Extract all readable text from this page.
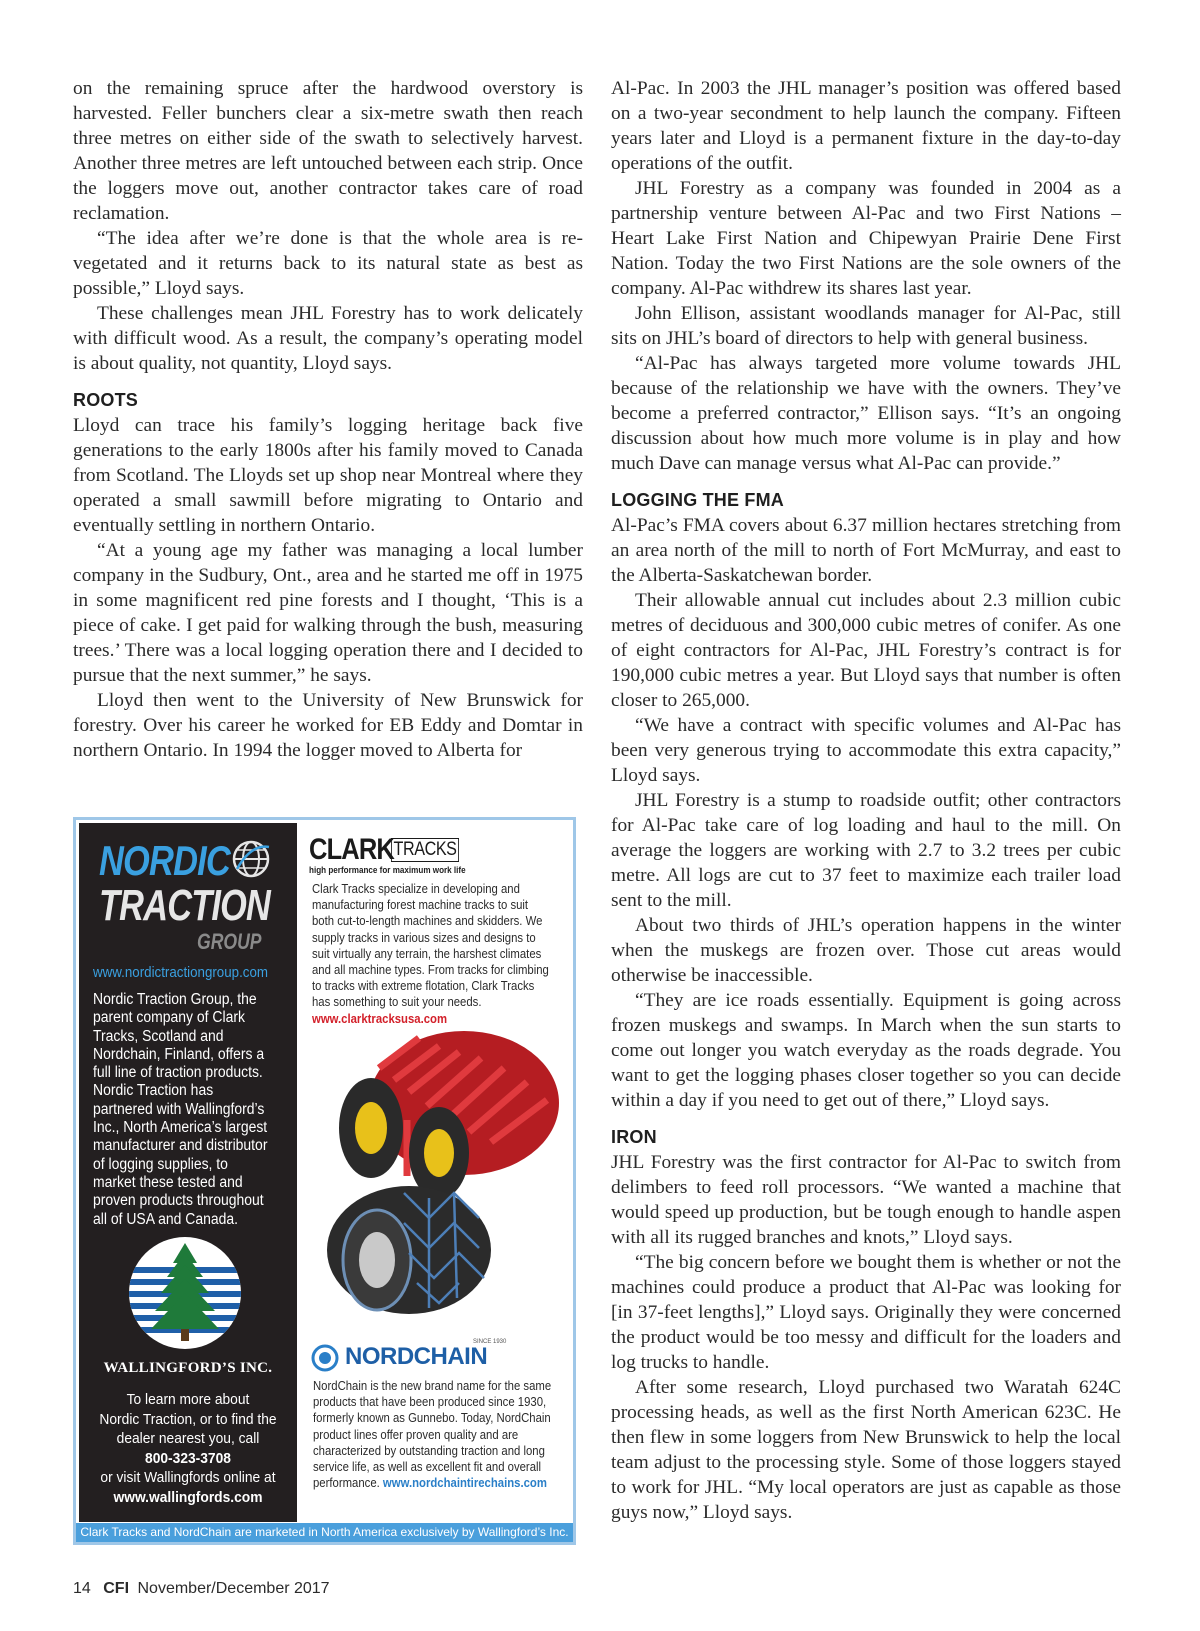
on the remaining spruce after the hardwood overstory is harvested. Feller bunchers clear a six-metre swath then reach three metres on either side of the swath to selectively harvest. Another three metres are left untouched between each strip. Once the loggers move out, another contractor takes care of road reclamation.

“The idea after we’re done is that the whole area is re-vegetated and it returns back to its natural state as best as possible,” Lloyd says.

These challenges mean JHL Forestry has to work delicately with difficult wood. As a result, the company’s operating model is about quality, not quantity, Lloyd says.

ROOTS

Lloyd can trace his family’s logging heritage back five generations to the early 1800s after his family moved to Canada from Scotland. The Lloyds set up shop near Montreal where they operated a small sawmill before migrating to Ontario and eventually settling in northern Ontario.

“At a young age my father was managing a local lumber company in the Sudbury, Ont., area and he started me off in 1975 in some magnificent red pine forests and I thought, ‘This is a piece of cake. I get paid for walking through the bush, measuring trees.’ There was a local logging operation there and I decided to pursue that the next summer,” he says.

Lloyd then went to the University of New Brunswick for forestry. Over his career he worked for EB Eddy and Domtar in northern Ontario. In 1994 the logger moved to Alberta for

Al-Pac. In 2003 the JHL manager’s position was offered based on a two-year secondment to help launch the company. Fifteen years later and Lloyd is a permanent fixture in the day-to-day operations of the outfit.

JHL Forestry as a company was founded in 2004 as a partnership venture between Al-Pac and two First Nations – Heart Lake First Nation and Chipewyan Prairie Dene First Nation. Today the two First Nations are the sole owners of the company. Al-Pac withdrew its shares last year.

John Ellison, assistant woodlands manager for Al-Pac, still sits on JHL’s board of directors to help with general business.

“Al-Pac has always targeted more volume towards JHL because of the relationship we have with the owners. They’ve become a preferred contractor,” Ellison says. “It’s an ongoing discussion about how much more volume is in play and how much Dave can manage versus what Al-Pac can provide.”

LOGGING THE FMA

Al-Pac’s FMA covers about 6.37 million hectares stretching from an area north of the mill to north of Fort McMurray, and east to the Alberta-Saskatchewan border.

Their allowable annual cut includes about 2.3 million cubic metres of deciduous and 300,000 cubic metres of conifer. As one of eight contractors for Al-Pac, JHL Forestry’s contract is for 190,000 cubic metres a year. But Lloyd says that number is often closer to 265,000.

“We have a contract with specific volumes and Al-Pac has been very generous trying to accommodate this extra capacity,” Lloyd says.

JHL Forestry is a stump to roadside outfit; other contractors for Al-Pac take care of log loading and haul to the mill. On average the loggers are working with 2.7 to 3.2 trees per cubic metre. All logs are cut to 37 feet to maximize each trailer load sent to the mill.

About two thirds of JHL’s operation happens in the winter when the muskegs are frozen over. Those cut areas would otherwise be inaccessible.

“They are ice roads essentially. Equipment is going across frozen muskegs and swamps. In March when the sun starts to come out longer you watch everyday as the roads degrade. You want to get the logging phases closer together so you can decide within a day if you need to get out of there,” Lloyd says.

IRON

JHL Forestry was the first contractor for Al-Pac to switch from delimbers to feed roll processors. “We wanted a machine that would speed up production, but be tough enough to handle aspen with all its rugged branches and knots,” Lloyd says.

“The big concern before we bought them is whether or not the machines could produce a product that Al-Pac was looking for [in 37-feet lengths],” Lloyd says. Originally they were concerned the product would be too messy and difficult for the loaders and log trucks to handle.

After some research, Lloyd purchased two Waratah 624C processing heads, as well as the first North American 623C. He then flew in some loggers from New Brunswick to help the local team adjust to the processing style. Some of those loggers stayed to work for JHL. “My local operators are just as capable as those guys now,” Lloyd says.

NORDIC
TRACTION
GROUP
www.nordictractiongroup.com
Nordic Traction Group, the parent company of Clark Tracks, Scotland and Nordchain, Finland, offers a full line of traction products. Nordic Traction has partnered with Wallingford’s Inc., North America’s largest manufacturer and distributor of logging supplies, to market these tested and proven products throughout all of USA and Canada.
WALLINGFORD’S INC.
To learn more about
Nordic Traction, or to find the
dealer nearest you, call
800-323-3708
or visit Wallingfords online at
www.wallingfords.com
CLARK TRACKS
high performance for maximum work life
Clark Tracks specialize in developing and manufacturing forest machine tracks to suit both cut-to-length machines and skidders. We supply tracks in various sizes and designs to suit virtually any terrain, the harshest climates and all machine types. From tracks for climbing to tracks with extreme flotation, Clark Tracks has something to suit your needs.
www.clarktracksusa.com
NORDCHAIN
SINCE 1930
NordChain is the new brand name for the same products that have been produced since 1930, formerly known as Gunnebo. Today, NordChain product lines offer proven quality and are characterized by outstanding traction and long service life, as well as excellent fit and overall performance. www.nordchaintirechains.com
Clark Tracks and NordChain are marketed in North America exclusively by Wallingford’s Inc.
14 CFI November/December 2017
